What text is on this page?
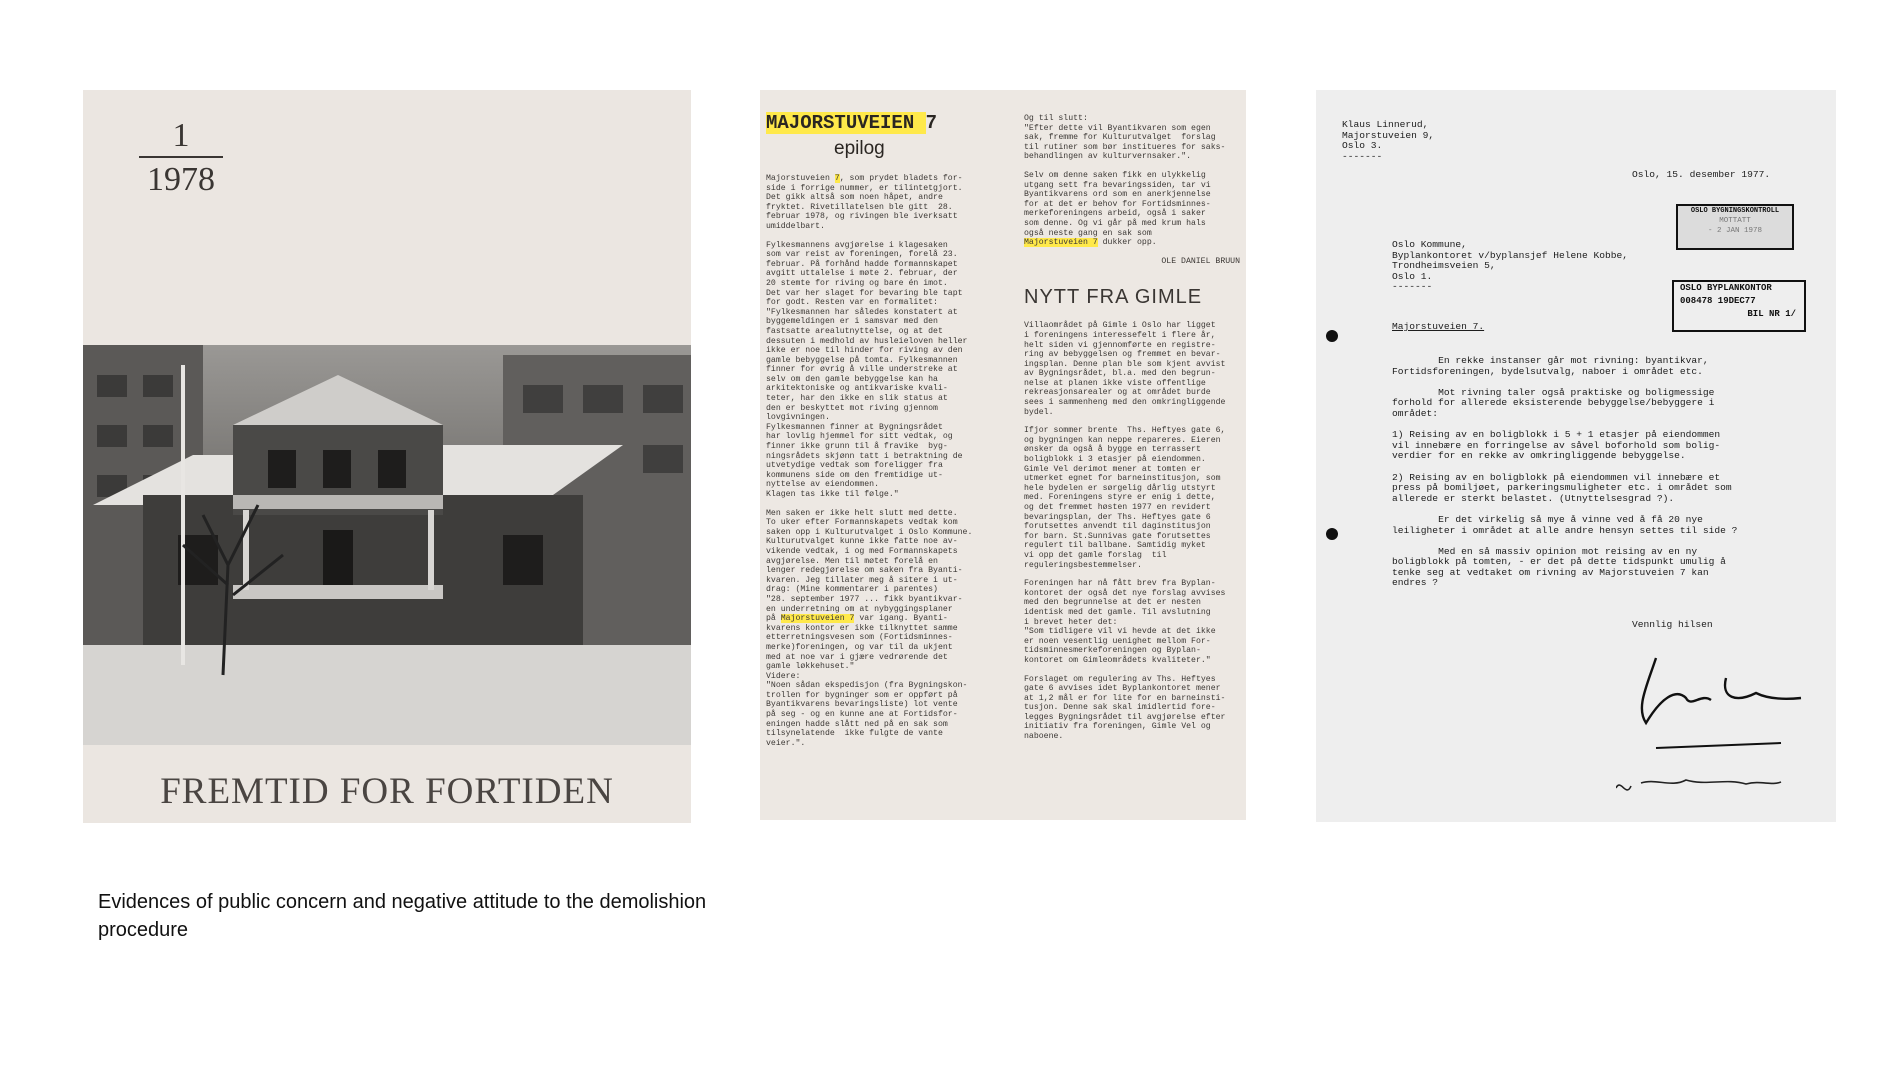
1
1978
FREMTID FOR FORTIDEN
MAJORSTUVEIEN 7
epilog

Majorstuveien 7, som prydet bladets for-
side i forrige nummer, er tilintetgjort.
Det gikk altså som noen håpet, andre
fryktet. Rivetillatelsen ble gitt  28.
februar 1978, og rivingen ble iverksatt
umiddelbart.

Fylkesmannens avgjørelse i klagesaken
som var reist av foreningen, forelå 23.
februar. På forhånd hadde formannskapet
avgitt uttalelse i møte 2. februar, der
20 stemte for riving og bare én imot.
Det var her slaget for bevaring ble tapt
for godt. Resten var en formalitet:
"Fylkesmannen har således konstatert at
byggemeldingen er i samsvar med den
fastsatte arealutnyttelse, og at det
dessuten i medhold av husleieloven heller
ikke er noe til hinder for riving av den
gamle bebyggelse på tomta. Fylkesmannen
finner for øvrig å ville understreke at
selv om den gamle bebyggelse kan ha
arkitektoniske og antikvariske kvali-
teter, har den ikke en slik status at
den er beskyttet mot riving gjennom
lovgivningen.
Fylkesmannen finner at Bygningsrådet
har lovlig hjemmel for sitt vedtak, og
finner ikke grunn til å fravike  byg-
ningsrådets skjønn tatt i betraktning de
utvetydige vedtak som foreligger fra
kommunens side om den fremtidige ut-
nyttelse av eiendommen.
Klagen tas ikke til følge."

Men saken er ikke helt slutt med dette.
To uker efter Formannskapets vedtak kom
saken opp i Kulturutvalget i Oslo Kommune.
Kulturutvalget kunne ikke fatte noe av-
vikende vedtak, i og med Formannskapets
avgjørelse. Men til møtet forelå en
lenger redegjørelse om saken fra Byanti-
kvaren. Jeg tillater meg å sitere i ut-
drag: (Mine kommentarer i parentes)
"28. september 1977 ... fikk byantikvar-
en underretning om at nybyggingsplaner
på Majorstuveien 7 var igang. Byanti-
kvarens kontor er ikke tilknyttet samme
etterretningsvesen som (Fortidsminnes-
merke)foreningen, og var til da ukjent
med at noe var i gjære vedrørende det
gamle løkkehuset."
Videre:
"Noen sådan ekspedisjon (fra Bygningskon-
trollen for bygninger som er oppført på
Byantikvarens bevaringsliste) lot vente
på seg - og en kunne ane at Fortidsfor-
eningen hadde slått ned på en sak som
tilsynelatende  ikke fulgte de vante
veier.".

Og til slutt:
"Efter dette vil Byantikvaren som egen
sak, fremme for Kulturutvalget  forslag
til rutiner som bør institueres for saks-
behandlingen av kulturvernsaker.".

Selv om denne saken fikk en ulykkelig
utgang sett fra bevaringssiden, tar vi
Byantikvarens ord som en anerkjennelse
for at det er behov for Fortidsminnes-
merkeforeningens arbeid, også i saker
som denne. Og vi går på med krum hals
også neste gang en sak som
Majorstuveien 7 dukker opp.

OLE DANIEL BRUUN

NYTT FRA GIMLE

Villaområdet på Gimle i Oslo har ligget
i foreningens interessefelt i flere år,
helt siden vi gjennomførte en registre-
ring av bebyggelsen og fremmet en bevar-
ingsplan. Denne plan ble som kjent avvist
av Bygningsrådet, bl.a. med den begrun-
nelse at planen ikke viste offentlige
rekreasjonsarealer og at området burde
sees i sammenheng med den omkringliggende
bydel.

Ifjor sommer brente  Ths. Heftyes gate 6,
og bygningen kan neppe repareres. Eieren
ønsker da også å bygge en terrassert
boligblokk i 3 etasjer på eiendommen.
Gimle Vel derimot mener at tomten er
utmerket egnet for barneinstitusjon, som
hele bydelen er sørgelig dårlig utstyrt
med. Foreningens styre er enig i dette,
og det fremmet høsten 1977 en revidert
bevaringsplan, der Ths. Heftyes gate 6
forutsettes anvendt til daginstitusjon
for barn. St.Sunnivas gate forutsettes
regulert til ballbane. Samtidig myket
vi opp det gamle forslag  til
reguleringsbestemmelser.

Foreningen har nå fått brev fra Byplan-
kontoret der også det nye forslag avvises
med den begrunnelse at det er nesten
identisk med det gamle. Til avslutning
i brevet heter det:
"Som tidligere vil vi hevde at det ikke
er noen vesentlig uenighet mellom For-
tidsminnesmerkeforeningen og Byplan-
kontoret om Gimleområdets kvaliteter."

Forslaget om regulering av Ths. Heftyes
gate 6 avvises idet Byplankontoret mener
at 1,2 mål er for lite for en barneinsti-
tusjon. Denne sak skal imidlertid fore-
legges Bygningsrådet til avgjørelse efter
initiativ fra foreningen, Gimle Vel og
naboene.

Klaus Linnerud,
Majorstuveien 9,
Oslo 3.
-------
Oslo, 15. desember 1977.
OSLO BYGNINGSKONTROLL
MOTTATT
- 2 JAN 1978
Oslo Kommune,
Byplankontoret v/byplansjef Helene Kobbe,
Trondheimsveien 5,
Oslo 1.
-------	OSLO BYPLANKONTOR
008478 19DEC77
BIL NR 1/
Majorstuveien 7.
En rekke instanser går mot rivning: byantikvar,
Fortidsforeningen, bydelsutvalg, naboer i området etc.

Mot rivning taler også praktiske og boligmessige
forhold for allerede eksisterende bebyggelse/bebyggere i
området:

1) Reising av en boligblokk i 5 + 1 etasjer på eiendommen
vil innebære en forringelse av såvel boforhold som bolig-
verdier for en rekke av omkringliggende bebyggelse.

2) Reising av en boligblokk på eiendommen vil innebære et
press på bomiljøet, parkeringsmuligheter etc. i området som
allerede er sterkt belastet. (Utnyttelsesgrad ?).

Er det virkelig så mye å vinne ved å få 20 nye
leiligheter i området at alle andre hensyn settes til side ?

Med en så massiv opinion mot reising av en ny
boligblokk på tomten, - er det på dette tidspunkt umulig å
tenke seg at vedtaket om rivning av Majorstuveien 7 kan
endres ?
Vennlig hilsen
Evidences of public concern and negative attitude to the demolishion procedure
